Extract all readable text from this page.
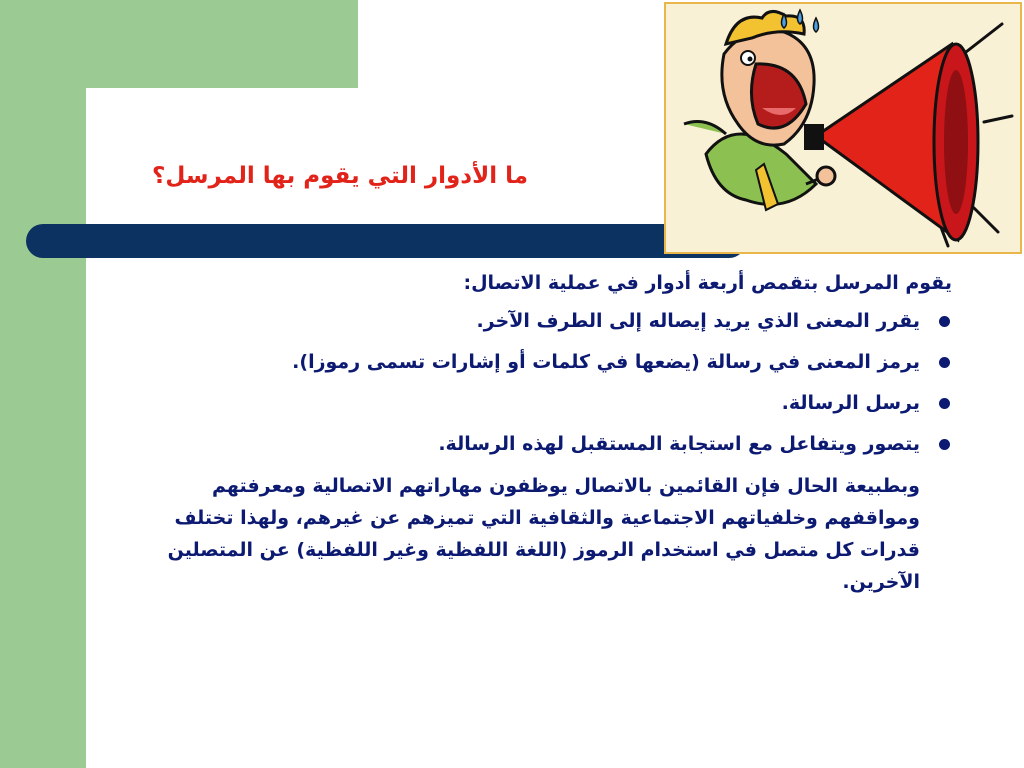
ما الأدوار التي يقوم بها المرسل؟

يقوم المرسل بتقمص أربعة أدوار في عملية الاتصال:

يقرر المعنى الذي يريد إيصاله إلى الطرف الآخر.
يرمز المعنى في رسالة (يضعها في كلمات أو إشارات تسمى رموزا).
يرسل الرسالة.
يتصور ويتفاعل مع استجابة المستقبل لهذه الرسالة.

وبطبيعة الحال فإن القائمين بالاتصال يوظفون مهاراتهم الاتصالية ومعرفتهم ومواقفهم وخلفياتهم الاجتماعية والثقافية التي تميزهم عن غيرهم، ولهذا تختلف قدرات كل متصل في استخدام الرموز (اللغة اللفظية وغير اللفظية) عن المتصلين الآخرين.
